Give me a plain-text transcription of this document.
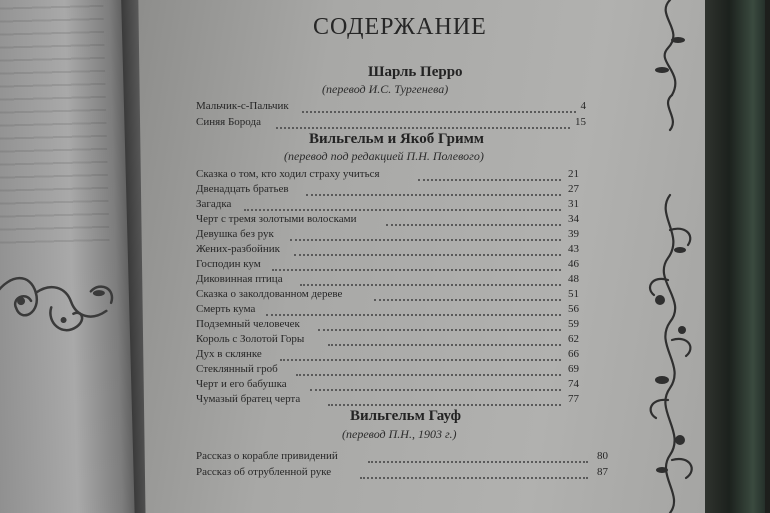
СОДЕРЖАНИЕ
Шарль Перро
(перевод И.С. Тургенева)
Мальчик-с-Пальчик	4
Синяя Борода	15
Вильгельм и Якоб Гримм
(перевод под редакцией П.Н. Полевого)
Сказка о том, кто ходил страху учиться	21
Двенадцать братьев	27
Загадка	31
Черт с тремя золотыми волосками	34
Девушка без рук	39
Жених-разбойник	43
Господин кум	46
Диковинная птица	48
Сказка о заколдованном дереве	51
Смерть кума	56
Подземный человечек	59
Король с Золотой Горы	62
Дух в склянке	66
Стеклянный гроб	69
Черт и его бабушка	74
Чумазый братец черта	77
Вильгельм Гауф
(перевод П.Н., 1903 г.)
Рассказ о корабле привидений	80
Рассказ об отрубленной руке	87
